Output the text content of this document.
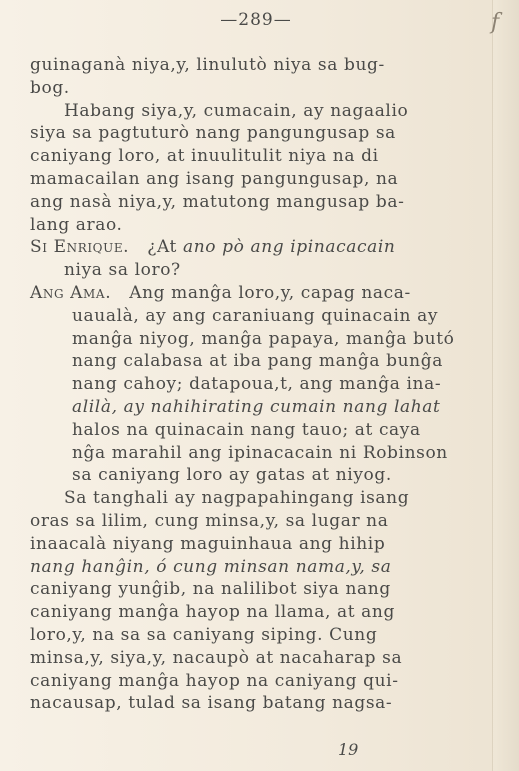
f
—289—
guinaganà niya,y, linulutò niya sa bug-
bog.
Habang siya,y, cumacain, ay nagaalio
siya sa pagtuturò nang pangungusap sa
caniyang loro, at inuulitulit niya na di
mamacailan ang isang pangungusap, na
ang nasà niya,y, matutong mangusap ba-
lang arao.
Si Enrique. ¿At ano pò ang ipinacacain
niya sa loro?
Ang Ama. Ang manĝa loro,y, capag naca-
uaualà, ay ang caraniuang quinacain ay
manĝa niyog, manĝa papaya, manĝa butó
nang calabasa at iba pang manĝa bunĝa
nang cahoy; datapoua,t, ang manĝa ina-
alilà, ay nahihirating cumain nang lahat
halos na quinacain nang tauo; at caya
nĝa marahil ang ipinacacain ni Robinson
sa caniyang loro ay gatas at niyog.
Sa tanghali ay nagpapahingang isang
oras sa lilim, cung minsa,y, sa lugar na
inaacalà niyang maguinhaua ang hihip
nang hanĝin, ó cung minsan nama,y, sa
caniyang yunĝib, na nalilibot siya nang
caniyang manĝa hayop na llama, at ang
loro,y, na sa sa caniyang siping. Cung
minsa,y, siya,y, nacaupò at nacaharap sa
caniyang manĝa hayop na caniyang qui-
nacausap, tulad sa isang batang nagsa-
19
